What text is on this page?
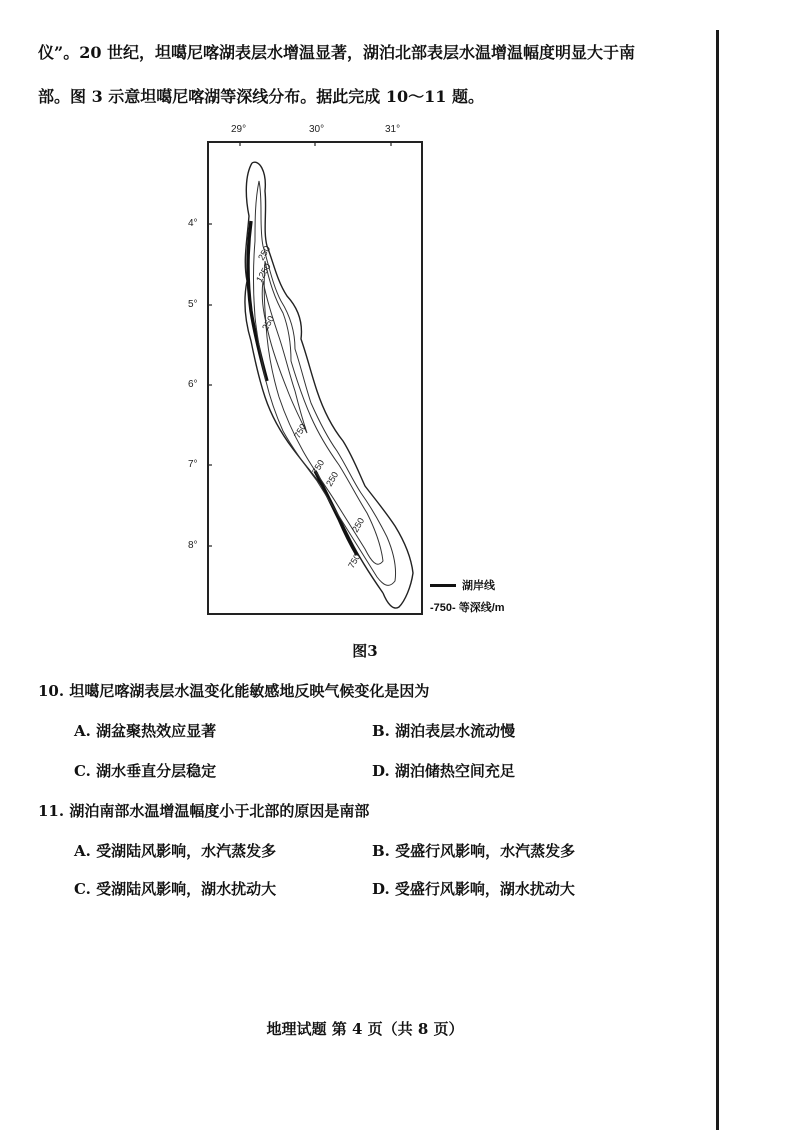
仪”。20 世纪，坦噶尼喀湖表层水增温显著，湖泊北部表层水温增温幅度明显大于南
部。图 3 示意坦噶尼喀湖等深线分布。据此完成 10～11 题。
29°	30°	31°
4°
5°
6°
7°
8°
250
1250
250
750
750
250
750
250
湖岸线
-750- 等深线/m
图3
10. 坦噶尼喀湖表层水温变化能敏感地反映气候变化是因为
A. 湖盆聚热效应显著	B. 湖泊表层水流动慢
C. 湖水垂直分层稳定	D. 湖泊储热空间充足
11. 湖泊南部水温增温幅度小于北部的原因是南部
A. 受湖陆风影响，水汽蒸发多	B. 受盛行风影响，水汽蒸发多
C. 受湖陆风影响，湖水扰动大	D. 受盛行风影响，湖水扰动大
地理试题 第 4 页（共 8 页）
